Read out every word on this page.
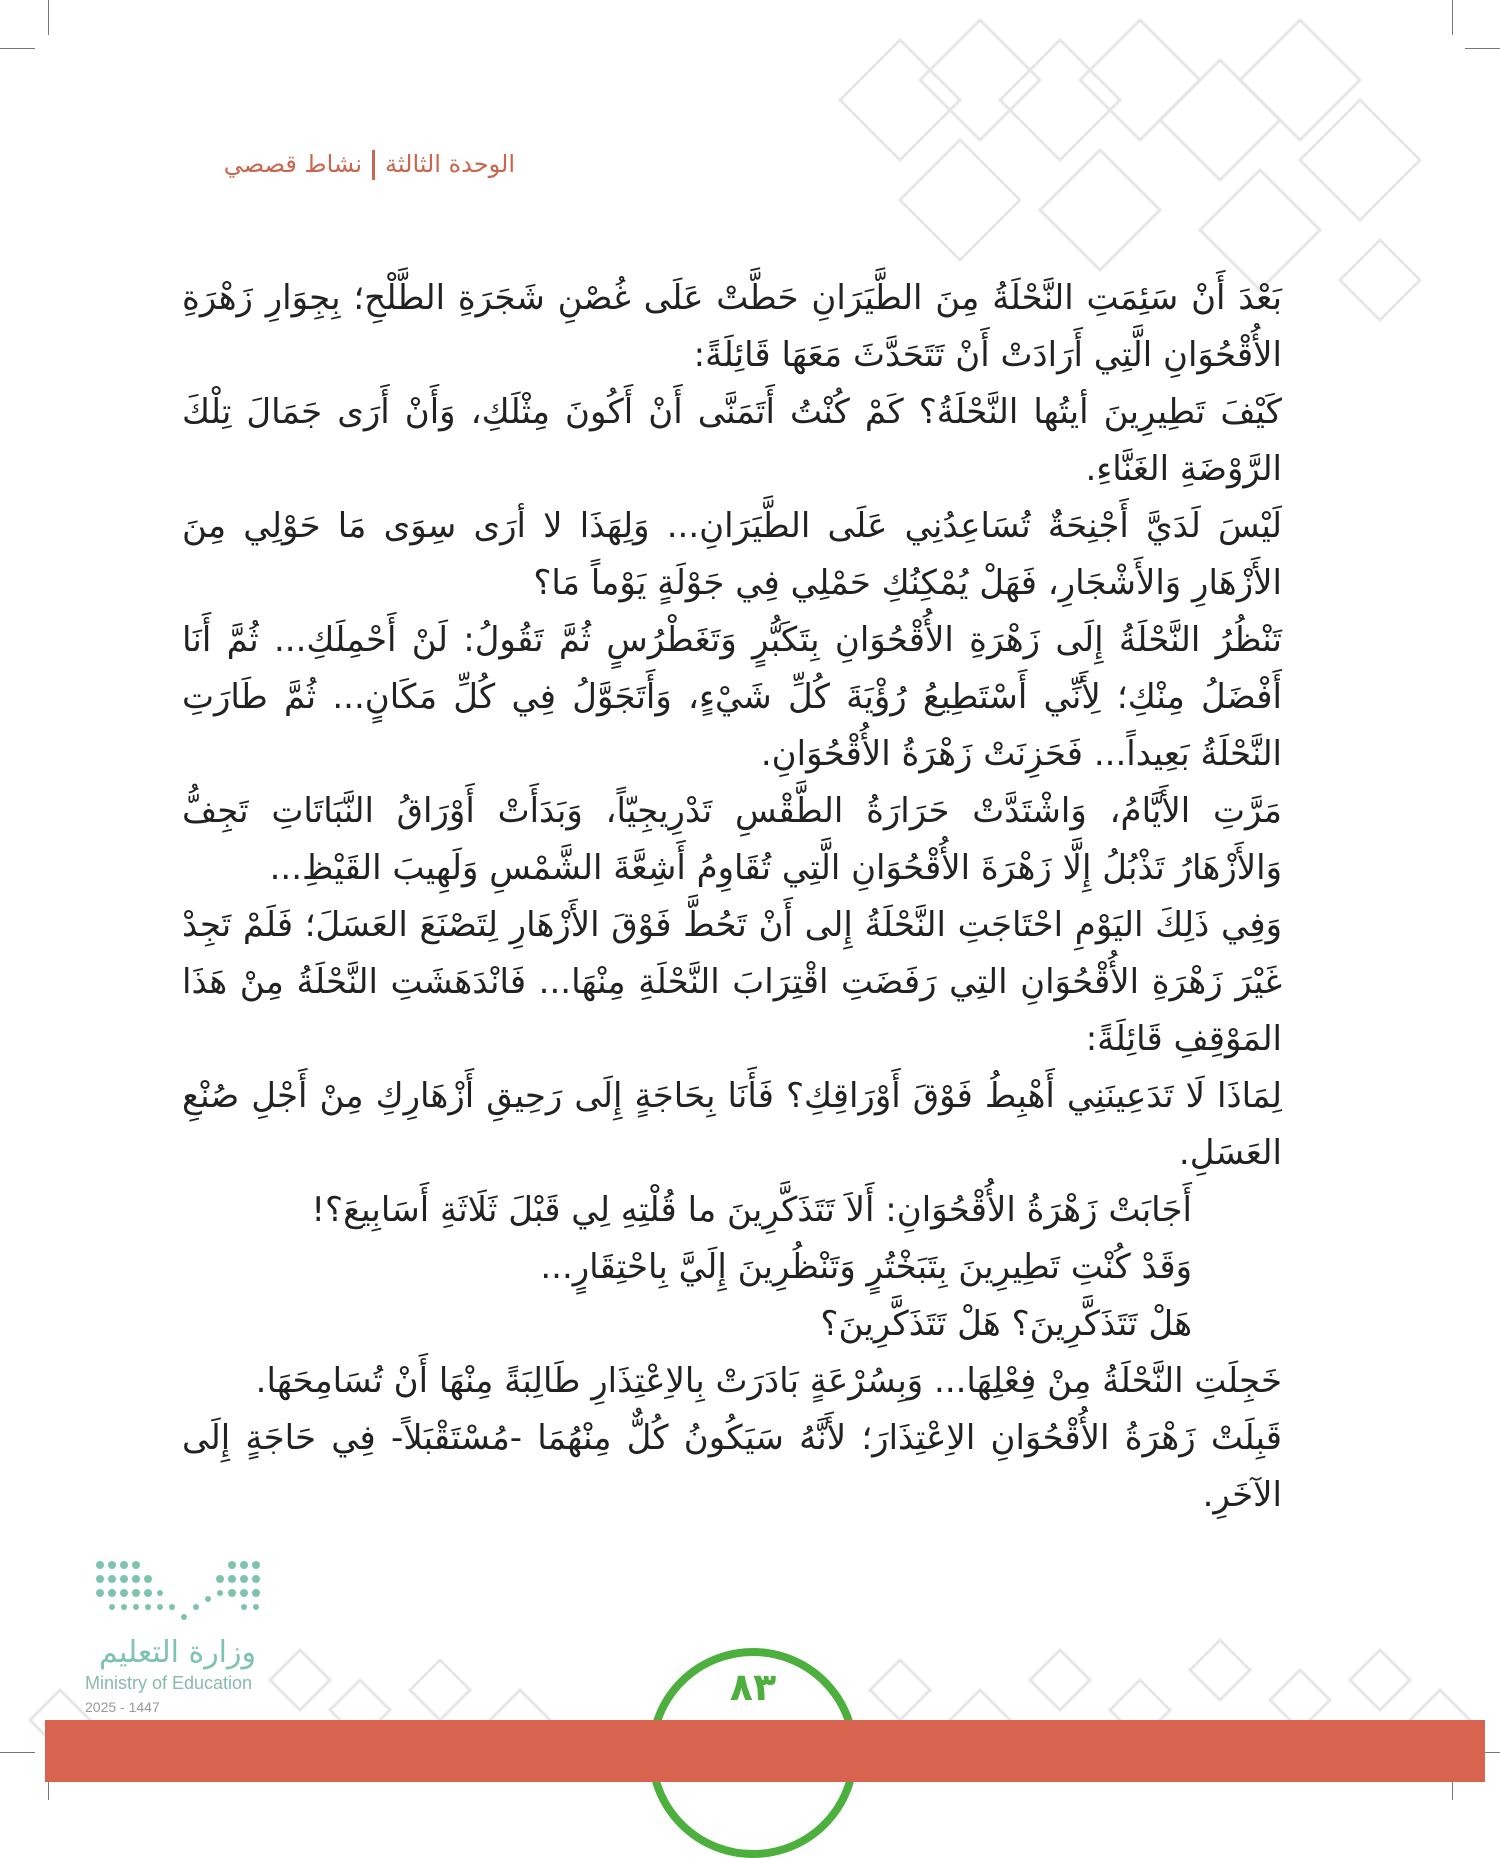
الوحدة الثالثةنشاط قصصي

بَعْدَ أَنْ سَئِمَتِ النَّحْلَةُ مِنَ الطَّيَرَانِ حَطَّتْ عَلَى غُصْنِ شَجَرَةِ الطَّلْحِ؛ بِجِوَارِ زَهْرَةِ الأُقْحُوَانِ الَّتِي أَرَادَتْ أَنْ تَتَحَدَّثَ مَعَهَا قَائِلَةً:

كَيْفَ تَطِيرِينَ أيتُها النَّحْلَةُ؟ كَمْ كُنْتُ أَتَمَنَّى أَنْ أَكُونَ مِثْلَكِ، وَأَنْ أَرَى جَمَالَ تِلْكَ الرَّوْضَةِ الغَنَّاءِ.

لَيْسَ لَدَيَّ أَجْنِحَةٌ تُسَاعِدُنِي عَلَى الطَّيَرَانِ... وَلِهَذَا لا أرَى سِوَى مَا حَوْلِي مِنَ الأَزْهَارِ وَالأَشْجَارِ، فَهَلْ يُمْكِنُكِ حَمْلِي فِي جَوْلَةٍ يَوْماً مَا؟

تَنْظُرُ النَّحْلَةُ إِلَى زَهْرَةِ الأُقْحُوَانِ بِتَكَبُّرٍ وَتَغَطْرُسٍ ثُمَّ تَقُولُ: لَنْ أَحْمِلَكِ... ثُمَّ أَنَا أَفْضَلُ مِنْكِ؛ لِأَنِّي أَسْتَطِيعُ رُؤْيَةَ كُلِّ شَيْءٍ، وَأَتَجَوَّلُ فِي كُلِّ مَكَانٍ... ثُمَّ طَارَتِ النَّحْلَةُ بَعِيداً... فَحَزِنَتْ زَهْرَةُ الأُقْحُوَانِ.

مَرَّتِ الأَيَّامُ، وَاشْتَدَّتْ حَرَارَةُ الطَّقْسِ تَدْرِيجِيّاً، وَبَدَأَتْ أَوْرَاقُ النَّبَاتَاتِ تَجِفُّ وَالأَزْهَارُ تَذْبُلُ إِلَّا زَهْرَةَ الأُقْحُوَانِ الَّتِي تُقَاوِمُ أَشِعَّةَ الشَّمْسِ وَلَهِيبَ القَيْظِ...

وَفِي ذَلِكَ اليَوْمِ احْتَاجَتِ النَّحْلَةُ إِلى أَنْ تَحُطَّ فَوْقَ الأَزْهَارِ لِتَصْنَعَ العَسَلَ؛ فَلَمْ تَجِدْ غَيْرَ زَهْرَةِ الأُقْحُوَانِ التِي رَفَضَتِ اقْتِرَابَ النَّحْلَةِ مِنْهَا... فَانْدَهَشَتِ النَّحْلَةُ مِنْ هَذَا المَوْقِفِ قَائِلَةً:

لِمَاذَا لَا تَدَعِينَنِي أَهْبِطُ فَوْقَ أَوْرَاقِكِ؟ فَأَنَا بِحَاجَةٍ إِلَى رَحِيقِ أَزْهَارِكِ مِنْ أَجْلِ صُنْعِ العَسَلِ.

أَجَابَتْ زَهْرَةُ الأُقْحُوَانِ: أَلاَ تَتَذَكَّرِينَ ما قُلْتِهِ لِي قَبْلَ ثَلَاثَةِ أَسَابِيعَ؟!

وَقَدْ كُنْتِ تَطِيرِينَ بِتَبَخْتُرٍ وَتَنْظُرِينَ إِلَيَّ بِاحْتِقَارٍ...

هَلْ تَتَذَكَّرِينَ؟ هَلْ تَتَذَكَّرِينَ؟

خَجِلَتِ النَّحْلَةُ مِنْ فِعْلِهَا... وَبِسُرْعَةٍ بَادَرَتْ بِالاِعْتِذَارِ طَالِبَةً مِنْهَا أَنْ تُسَامِحَهَا.

قَبِلَتْ زَهْرَةُ الأُقْحُوَانِ الاِعْتِذَارَ؛ لأَنَّهُ سَيَكُونُ كُلٌّ مِنْهُمَا -مُسْتَقْبَلاً- فِي حَاجَةٍ إِلَى الآخَرِ.

وزارة التعليم
Ministry of Education
2025 - 1447	٨٣
